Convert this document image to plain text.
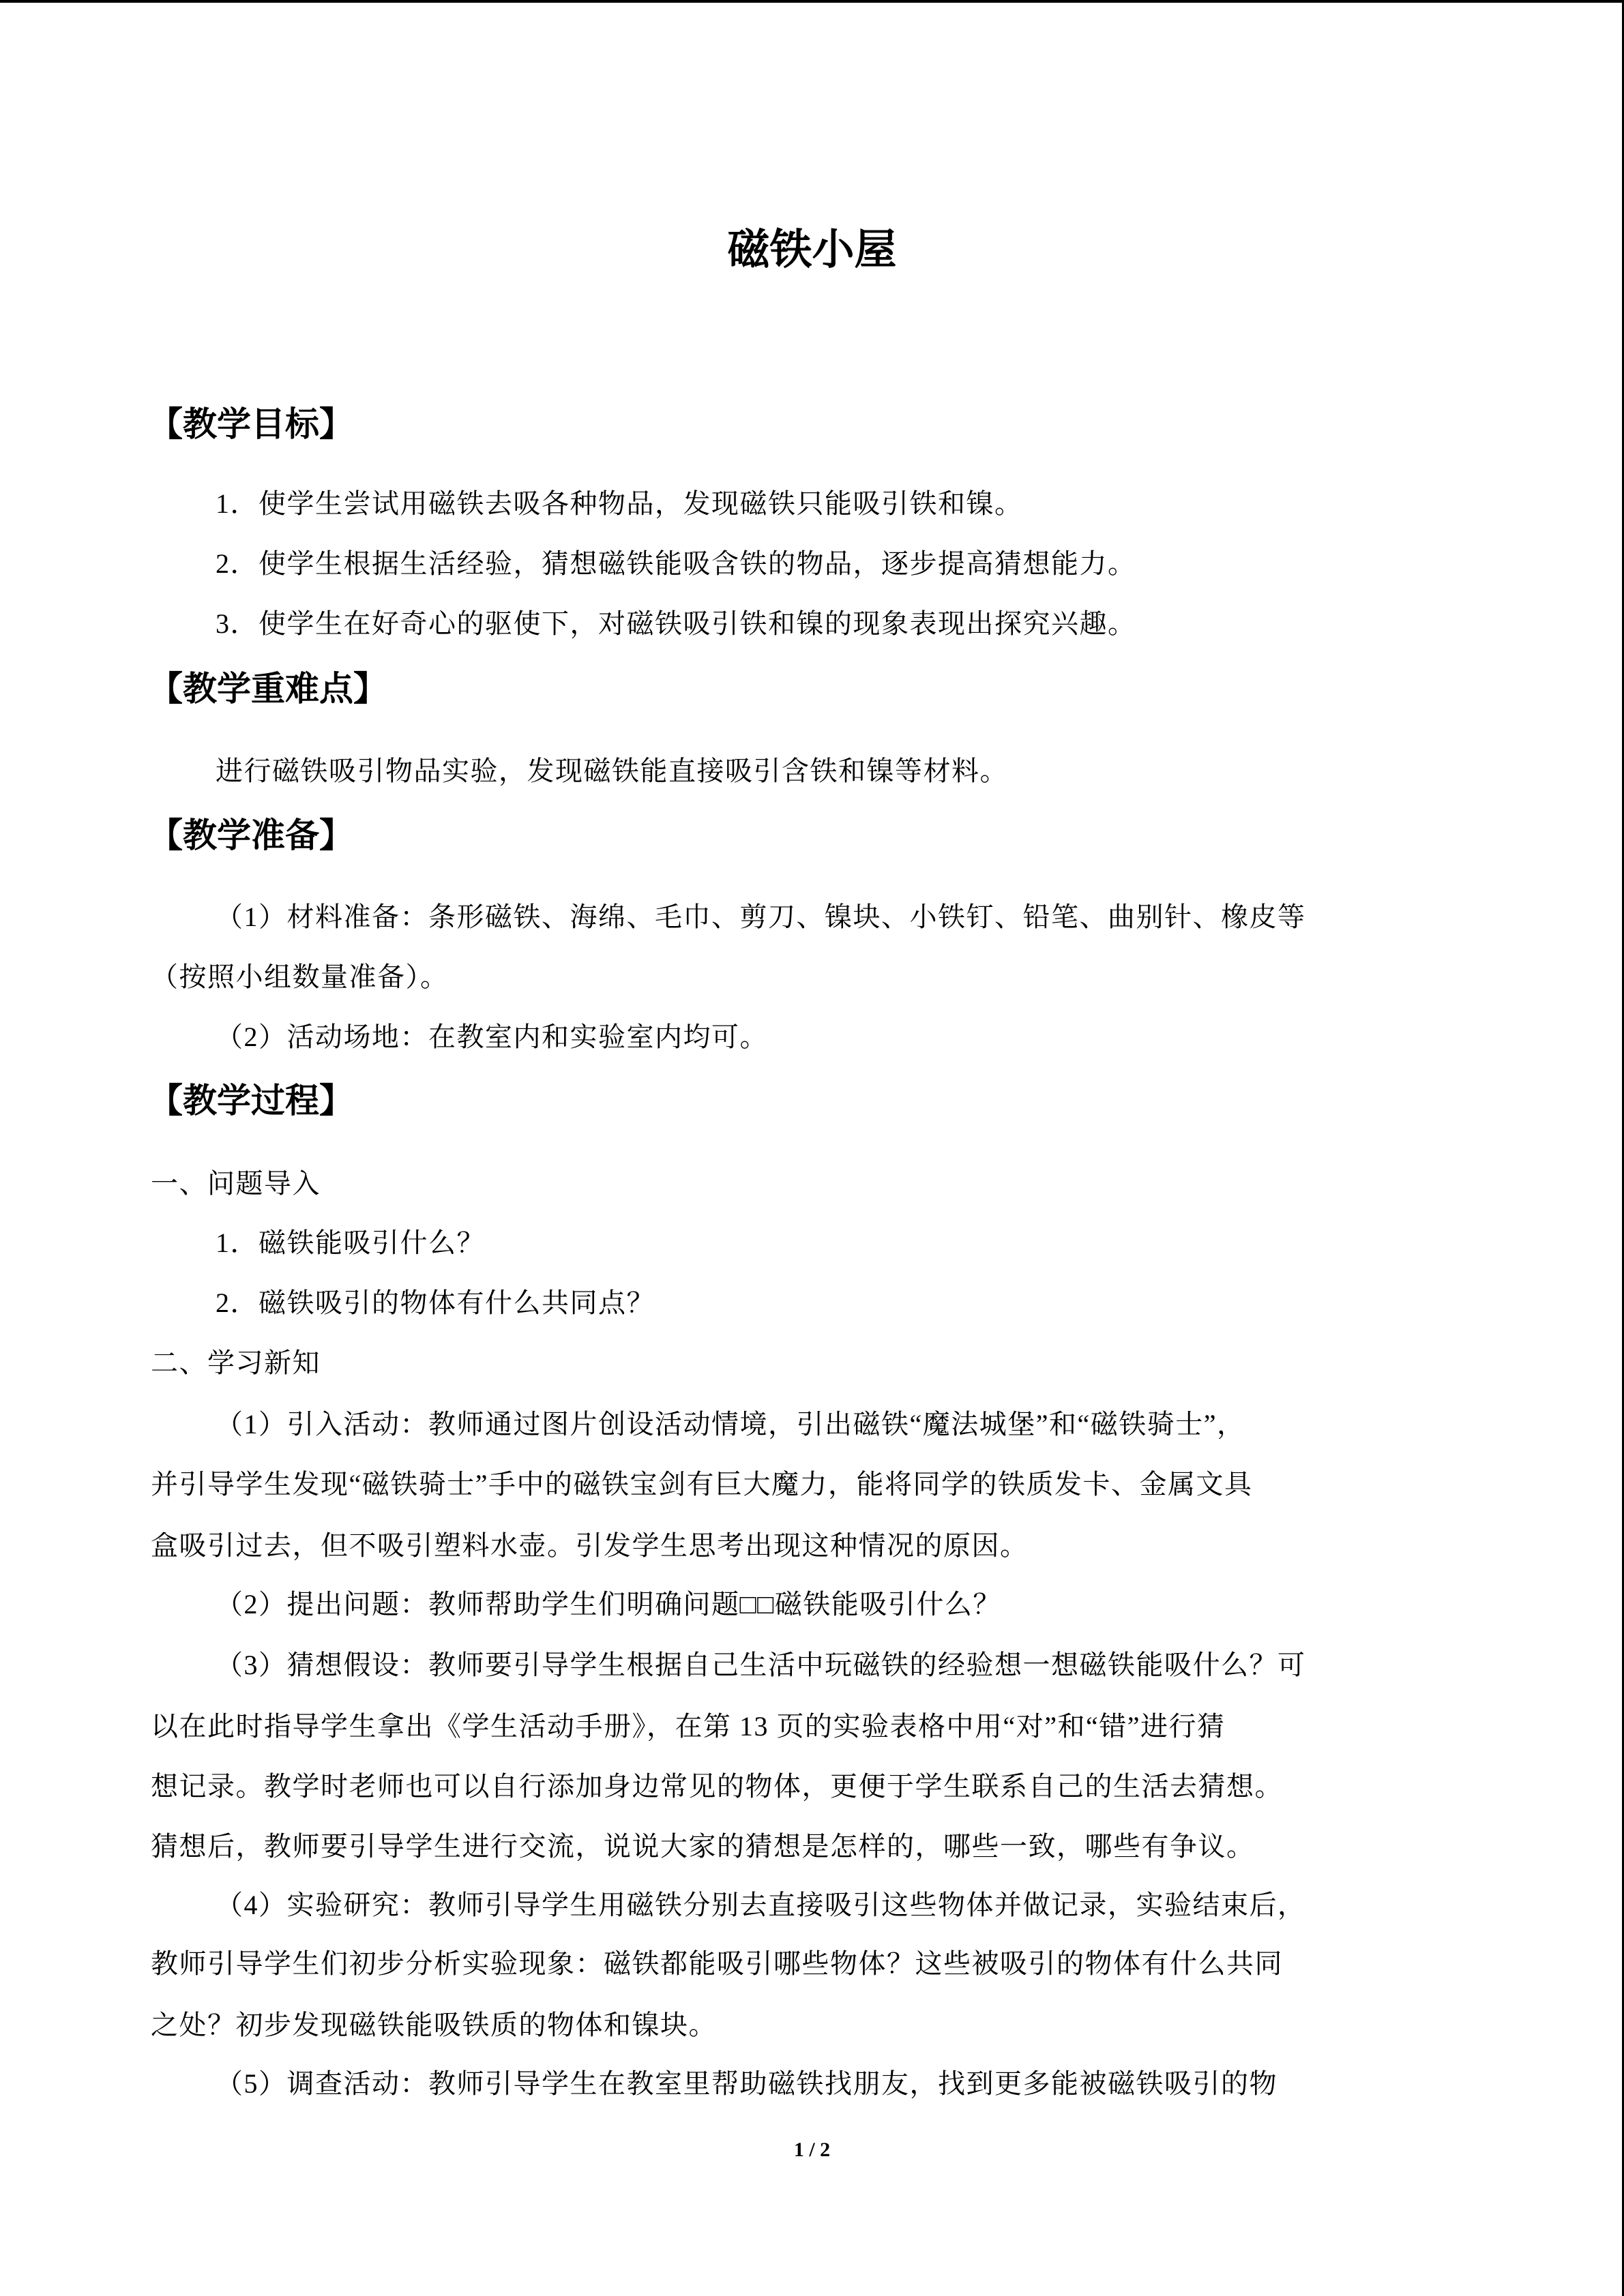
磁铁小屋
【教学目标】
1．使学生尝试用磁铁去吸各种物品，发现磁铁只能吸引铁和镍。
2．使学生根据生活经验，猜想磁铁能吸含铁的物品，逐步提高猜想能力。
3．使学生在好奇心的驱使下，对磁铁吸引铁和镍的现象表现出探究兴趣。
【教学重难点】
进行磁铁吸引物品实验，发现磁铁能直接吸引含铁和镍等材料。
【教学准备】
（1）材料准备：条形磁铁、海绵、毛巾、剪刀、镍块、小铁钉、铅笔、曲别针、橡皮等
（按照小组数量准备）。
（2）活动场地：在教室内和实验室内均可。
【教学过程】
一、问题导入
1．磁铁能吸引什么？
2．磁铁吸引的物体有什么共同点？
二、学习新知
（1）引入活动：教师通过图片创设活动情境，引出磁铁“魔法城堡”和“磁铁骑士”，
并引导学生发现“磁铁骑士”手中的磁铁宝剑有巨大魔力，能将同学的铁质发卡、金属文具
盒吸引过去，但不吸引塑料水壶。引发学生思考出现这种情况的原因。
（2）提出问题：教师帮助学生们明确问题□□磁铁能吸引什么？
（3）猜想假设：教师要引导学生根据自己生活中玩磁铁的经验想一想磁铁能吸什么？可
以在此时指导学生拿出《学生活动手册》，在第 13 页的实验表格中用“对”和“错”进行猜
想记录。教学时老师也可以自行添加身边常见的物体，更便于学生联系自己的生活去猜想。
猜想后，教师要引导学生进行交流，说说大家的猜想是怎样的，哪些一致，哪些有争议。
（4）实验研究：教师引导学生用磁铁分别去直接吸引这些物体并做记录，实验结束后，
教师引导学生们初步分析实验现象：磁铁都能吸引哪些物体？这些被吸引的物体有什么共同
之处？初步发现磁铁能吸铁质的物体和镍块。
（5）调查活动：教师引导学生在教室里帮助磁铁找朋友，找到更多能被磁铁吸引的物
1 / 2
